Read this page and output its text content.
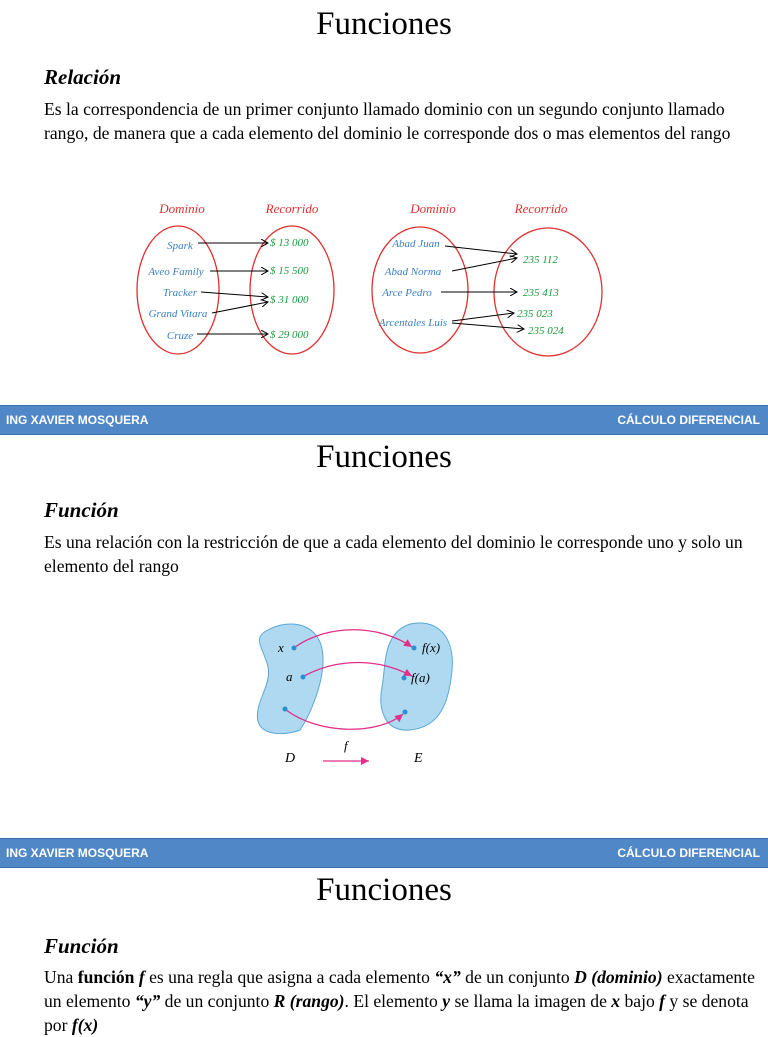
Funciones
Relación
Es la correspondencia de un primer conjunto llamado dominio con un segundo conjunto llamado rango, de manera que a cada elemento del dominio le corresponde dos o mas elementos del rango
Dominio	Recorrido
Spark
Aveo Family
Tracker
Grand Vitara
Cruze
$ 13 000
$ 15 500
$ 31 000
$ 29 000
Dominio	Recorrido
Abad Juan
Abad Norma
Arce Pedro
Arcentales Luis
235 112
235 413
235 023
235 024
ING XAVIER MOSQUERA	CÁLCULO DIFERENCIAL
Funciones
Función
Es una relación con la restricción de que a cada elemento del dominio le corresponde uno y solo un elemento del rango
x
a
f(x)
f(a)
D	E
f
ING XAVIER MOSQUERA	CÁLCULO DIFERENCIAL
Funciones
Función
Una función f es una regla que asigna a cada elemento “x” de un conjunto D (dominio) exactamente un elemento “y” de un conjunto R (rango). El elemento y se llama la imagen de x bajo f y se denota por f(x)
